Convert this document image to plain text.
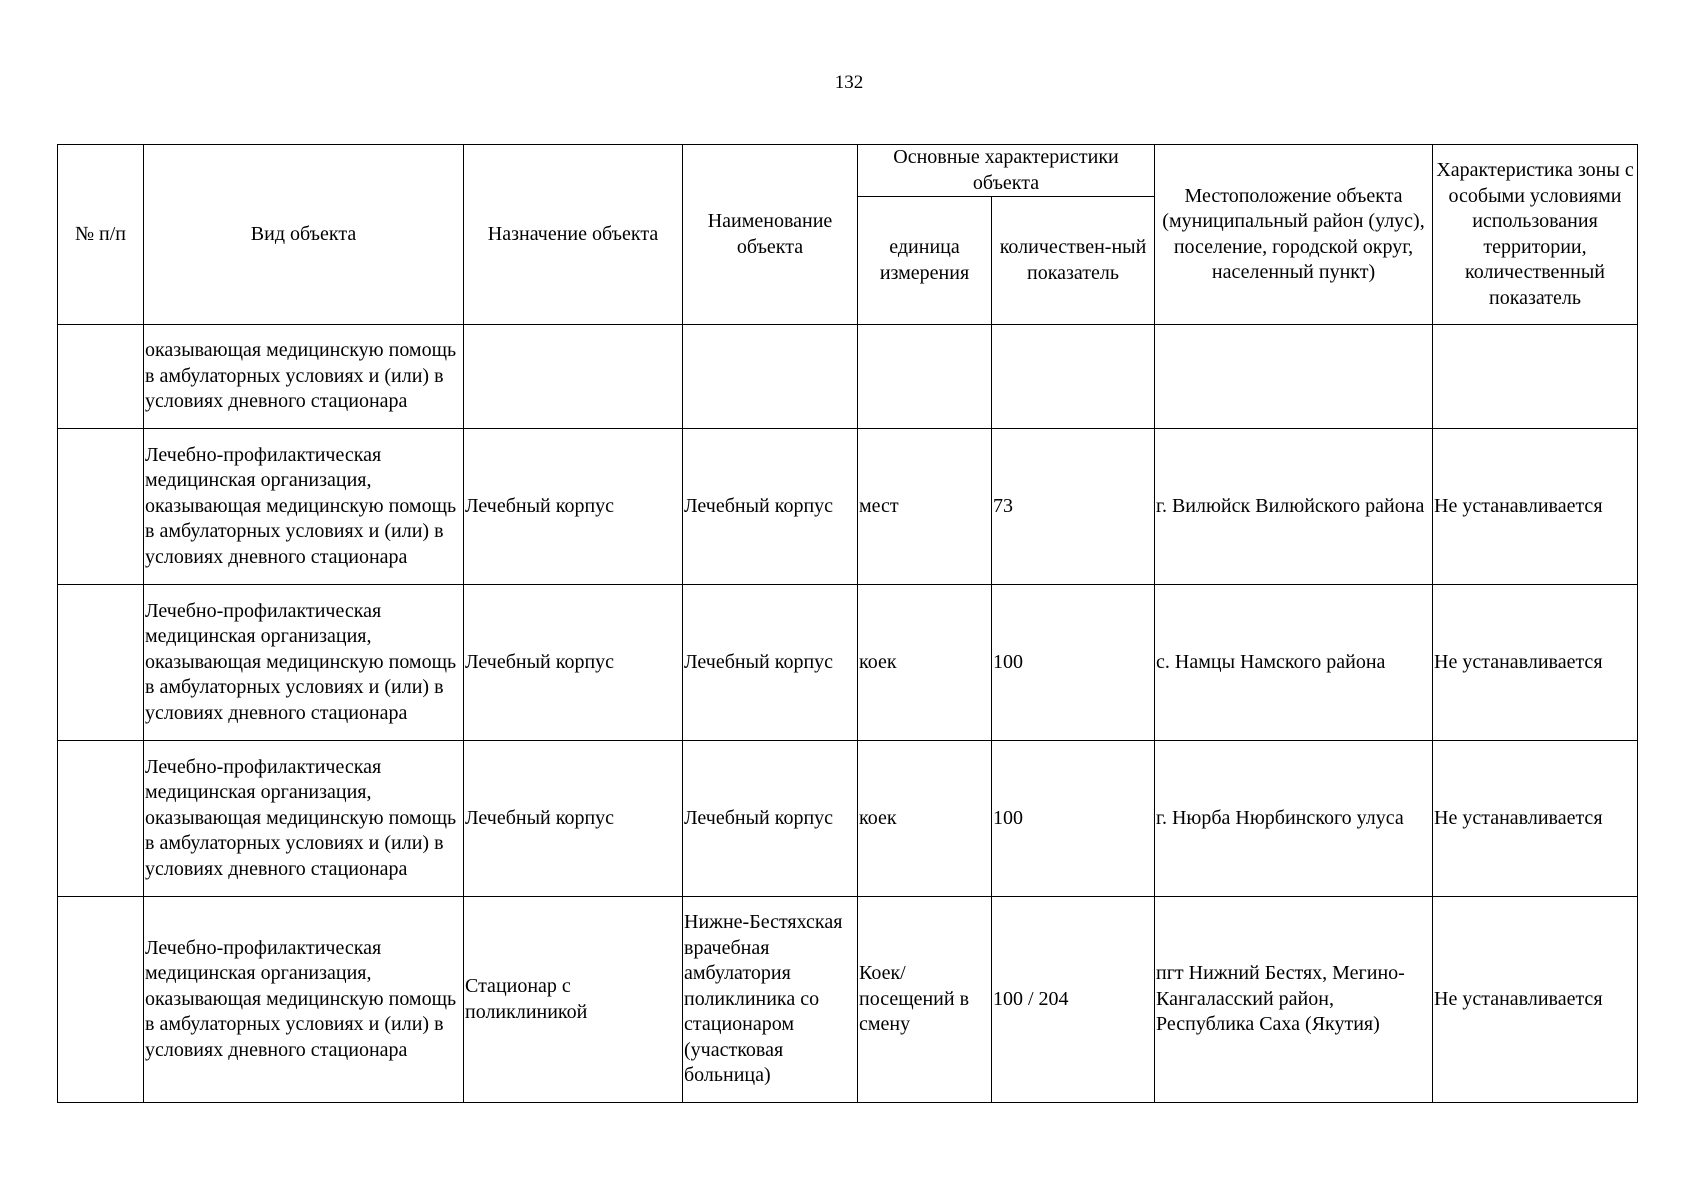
132
№ п/п	Вид объекта	Назначение объекта	Наименование объекта	Основные характеристики объекта		Местоположение объекта (муниципальный район (улус), поселение, городской округ, населенный пункт)	Характеристика зоны с особыми условиями использования территории, количественный показатель
				единица измерения	количествен-ный показатель		
	оказывающая медицинскую помощь в амбулаторных условиях и (или) в условиях дневного стационара						
	Лечебно-профилактическая медицинская организация, оказывающая медицинскую помощь в амбулаторных условиях и (или) в условиях дневного стационара	Лечебный корпус	Лечебный корпус	мест	73	г. Вилюйск Вилюйского района	Не устанавливается
	Лечебно-профилактическая медицинская организация, оказывающая медицинскую помощь в амбулаторных условиях и (или) в условиях дневного стационара	Лечебный корпус	Лечебный корпус	коек	100	с. Намцы Намского района	Не устанавливается
	Лечебно-профилактическая медицинская организация, оказывающая медицинскую помощь в амбулаторных условиях и (или) в условиях дневного стационара	Лечебный корпус	Лечебный корпус	коек	100	г. Нюрба Нюрбинского улуса	Не устанавливается
	Лечебно-профилактическая медицинская организация, оказывающая медицинскую помощь в амбулаторных условиях и (или) в условиях дневного стационара	Стационар с поликлиникой	Нижне-Бестяхская врачебная амбулатория поликлиника со стационаром (участковая больница)	Коек/посещений в смену	100 / 204	пгт Нижний Бестях, Мегино-Кангаласский район, Республика Саха (Якутия)	Не устанавливается
